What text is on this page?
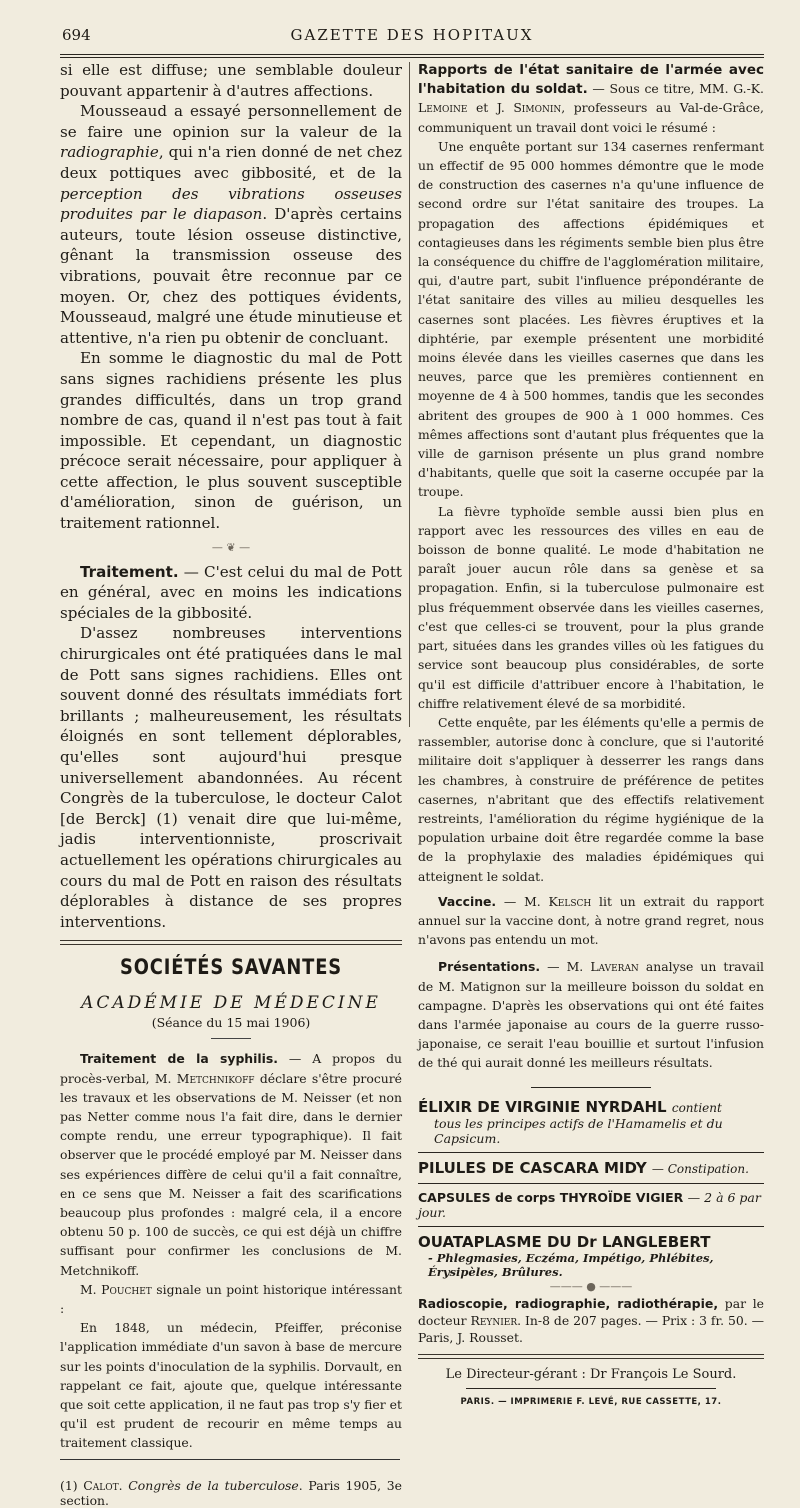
694	GAZETTE DES HOPITAUX

si elle est diffuse; une semblable douleur pouvant appartenir à d'autres affections.

Mousseaud a essayé personnellement de se faire une opinion sur la valeur de la radiographie, qui n'a rien donné de net chez deux pottiques avec gibbosité, et de la perception des vibrations osseuses produites par le diapason. D'après certains auteurs, toute lésion osseuse distinctive, gênant la transmission osseuse des vibrations, pouvait être reconnue par ce moyen. Or, chez des pottiques évidents, Mousseaud, malgré une étude minutieuse et attentive, n'a rien pu obtenir de concluant.

En somme le diagnostic du mal de Pott sans signes rachidiens présente les plus grandes difficultés, dans un trop grand nombre de cas, quand il n'est pas tout à fait impossible. Et cependant, un diagnostic précoce serait nécessaire, pour appliquer à cette affection, le plus souvent susceptible d'amélioration, sinon de guérison, un traitement rationnel.

— ❦ —

Traitement. — C'est celui du mal de Pott en général, avec en moins les indications spéciales de la gibbosité.

D'assez nombreuses interventions chirurgicales ont été pratiquées dans le mal de Pott sans signes rachidiens. Elles ont souvent donné des résultats immédiats fort brillants ; malheureusement, les résultats éloignés en sont tellement déplorables, qu'elles sont aujourd'hui presque universellement abandonnées. Au récent Congrès de la tuberculose, le docteur Calot [de Berck] (1) venait dire que lui-même, jadis interventionniste, proscrivait actuellement les opérations chirurgicales au cours du mal de Pott en raison des résultats déplorables à distance de ses propres interventions.

SOCIÉTÉS SAVANTES
ACADÉMIE DE MÉDECINE
(Séance du 15 mai 1906)

Traitement de la syphilis. — A propos du procès-verbal, M. Metchnikoff déclare s'être procuré les travaux et les observations de M. Neisser (et non pas Netter comme nous l'a fait dire, dans le dernier compte rendu, une erreur typographique). Il fait observer que le procédé employé par M. Neisser dans ses expériences diffère de celui qu'il a fait connaître, en ce sens que M. Neisser a fait des scarifications beaucoup plus profondes : malgré cela, il a encore obtenu 50 p. 100 de succès, ce qui est déjà un chiffre suffisant pour confirmer les conclusions de M. Metchnikoff.

M. Pouchet signale un point historique intéressant :

En 1848, un médecin, Pfeiffer, préconise l'application immédiate d'un savon à base de mercure sur les points d'inoculation de la syphilis. Dorvault, en rappelant ce fait, ajoute que, quelque intéressante que soit cette application, il ne faut pas trop s'y fier et qu'il est prudent de recourir en même temps au traitement classique.

(1) Calot. Congrès de la tuberculose. Paris 1905, 3e section.

Rapports de l'état sanitaire de l'armée avec l'habitation du soldat. — Sous ce titre, MM. G.-K. Lemoine et J. Simonin, professeurs au Val-de-Grâce, communiquent un travail dont voici le résumé :

Une enquête portant sur 134 casernes renfermant un effectif de 95 000 hommes démontre que le mode de construction des casernes n'a qu'une influence de second ordre sur l'état sanitaire des troupes. La propagation des affections épidémiques et contagieuses dans les régiments semble bien plus être la conséquence du chiffre de l'agglomération militaire, qui, d'autre part, subit l'influence prépondérante de l'état sanitaire des villes au milieu desquelles les casernes sont placées. Les fièvres éruptives et la diphtérie, par exemple présentent une morbidité moins élevée dans les vieilles casernes que dans les neuves, parce que les premières contiennent en moyenne de 4 à 500 hommes, tandis que les secondes abritent des groupes de 900 à 1 000 hommes. Ces mêmes affections sont d'autant plus fréquentes que la ville de garnison présente un plus grand nombre d'habitants, quelle que soit la caserne occupée par la troupe.

La fièvre typhoïde semble aussi bien plus en rapport avec les ressources des villes en eau de boisson de bonne qualité. Le mode d'habitation ne paraît jouer aucun rôle dans sa genèse et sa propagation. Enfin, si la tuberculose pulmonaire est plus fréquemment observée dans les vieilles casernes, c'est que celles-ci se trouvent, pour la plus grande part, situées dans les grandes villes où les fatigues du service sont beaucoup plus considérables, de sorte qu'il est difficile d'attribuer encore à l'habitation, le chiffre relativement élevé de sa morbidité.

Cette enquête, par les éléments qu'elle a permis de rassembler, autorise donc à conclure, que si l'autorité militaire doit s'appliquer à desserrer les rangs dans les chambres, à construire de préférence de petites casernes, n'abritant que des effectifs relativement restreints, l'amélioration du régime hygiénique de la population urbaine doit être regardée comme la base de la prophylaxie des maladies épidémiques qui atteignent le soldat.

Vaccine. — M. Kelsch lit un extrait du rapport annuel sur la vaccine dont, à notre grand regret, nous n'avons pas entendu un mot.

Présentations. — M. Laveran analyse un travail de M. Matignon sur la meilleure boisson du soldat en campagne. D'après les observations qui ont été faites dans l'armée japonaise au cours de la guerre russo-japonaise, ce serait l'eau bouillie et surtout l'infusion de thé qui aurait donné les meilleurs résultats.

ÉLIXIR DE VIRGINIE NYRDAHL contient
tous les principes actifs de l'Hamamelis et du Capsicum.
PILULES DE CASCARA MIDY — Constipation.
CAPSULES de corps THYROÏDE VIGIER — 2 à 6 par jour.
OUATAPLASME DU Dr LANGLEBERT
- Phlegmasies, Eczéma, Impétigo, Phlébites, Érysipèles, Brûlures.
——— ● ———

Radioscopie, radiographie, radiothérapie, par le docteur Reynier. In-8 de 207 pages. — Prix : 3 fr. 50. — Paris, J. Rousset.

Le Directeur-gérant : Dr François Le Sourd.
PARIS. — IMPRIMERIE F. LEVÉ, RUE CASSETTE, 17.
